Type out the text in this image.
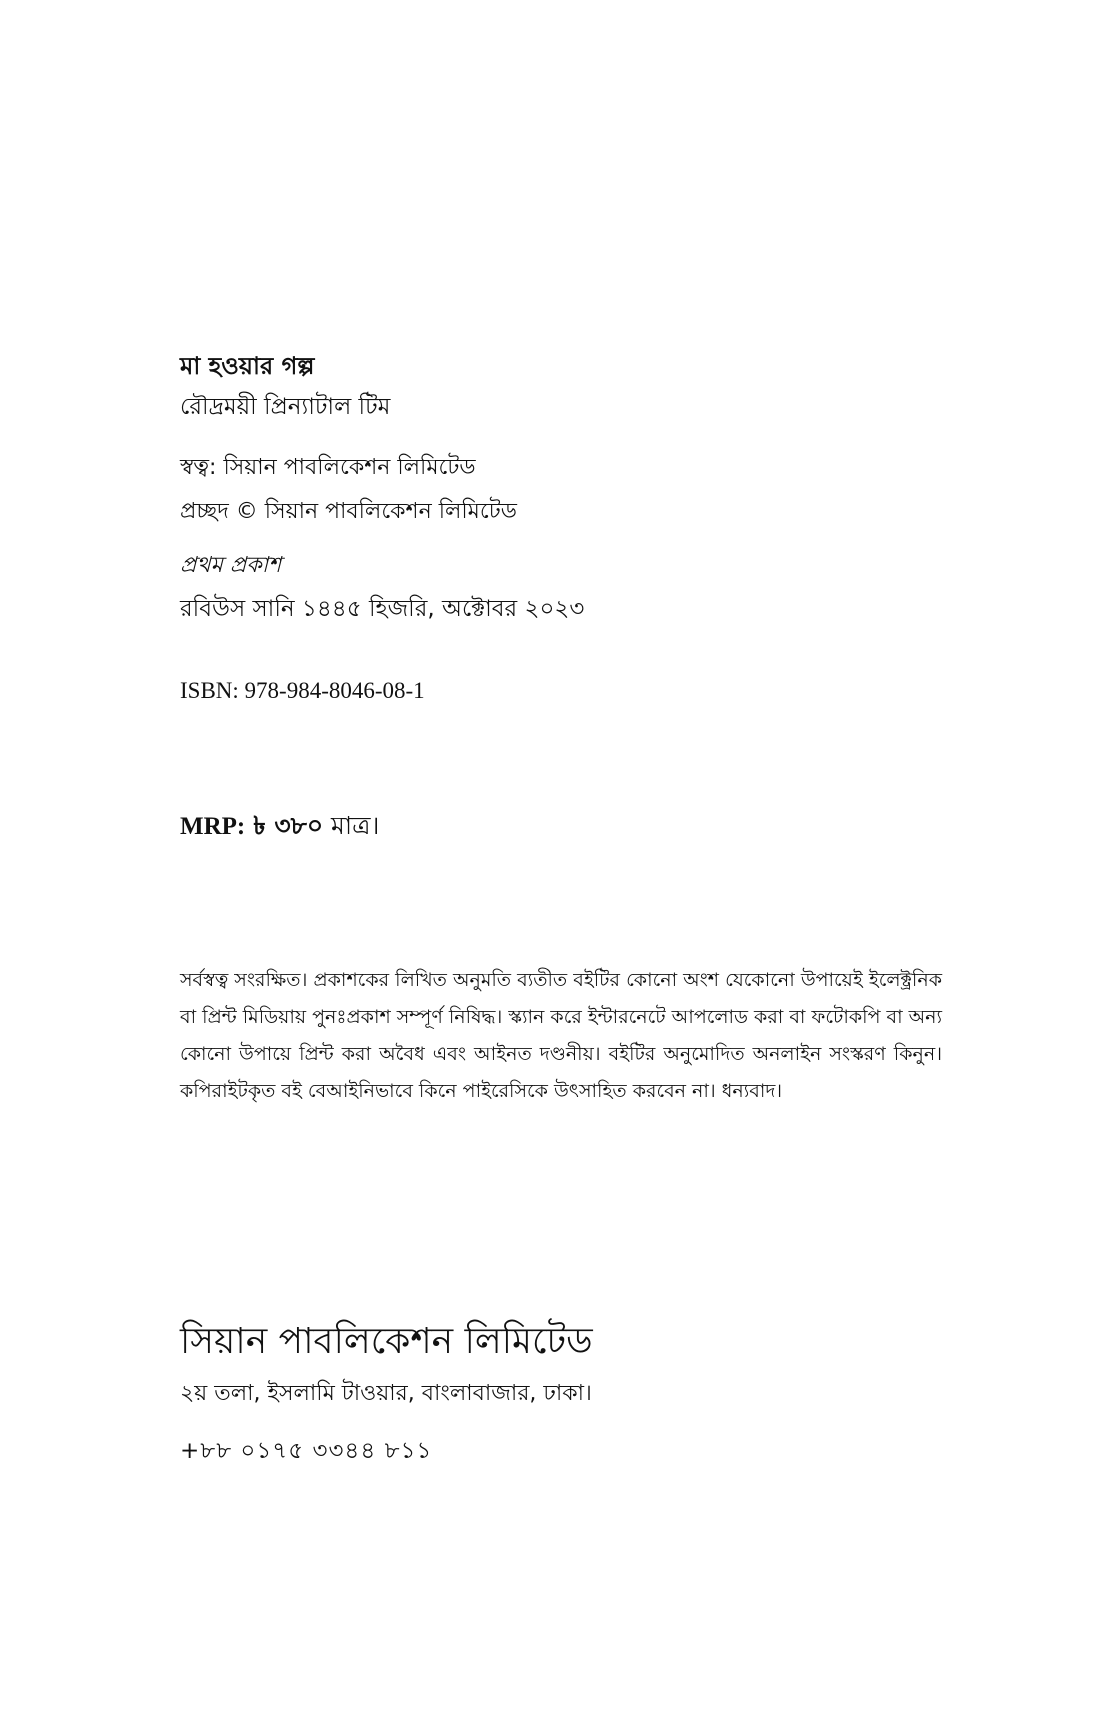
মা হওয়ার গল্প

রৌদ্রময়ী প্রিন্যাটাল টিম

স্বত্ব: সিয়ান পাবলিকেশন লিমিটেড

প্রচ্ছদ © সিয়ান পাবলিকেশন লিমিটেড

প্রথম প্রকাশ

রবিউস সানি ১৪৪৫ হিজরি, অক্টোবর ২০২৩

ISBN: 978-984-8046-08-1

MRP: ৳ ৩৮০ মাত্র।

সর্বস্বত্ব সংরক্ষিত। প্রকাশকের লিখিত অনুমতি ব্যতীত বইটির কোনো অংশ যেকোনো উপায়েই ইলেক্ট্রনিক বা প্রিন্ট মিডিয়ায় পুনঃপ্রকাশ সম্পূর্ণ নিষিদ্ধ। স্ক্যান করে ইন্টারনেটে আপলোড করা বা ফটোকপি বা অন্য কোনো উপায়ে প্রিন্ট করা অবৈধ এবং আইনত দণ্ডনীয়। বইটির অনুমোদিত অনলাইন সংস্করণ কিনুন। কপিরাইটকৃত বই বেআইনিভাবে কিনে পাইরেসিকে উৎসাহিত করবেন না। ধন্যবাদ।

সিয়ান পাবলিকেশন লিমিটেড

২য় তলা, ইসলামি টাওয়ার, বাংলাবাজার, ঢাকা।

+৮৮ ০১৭৫ ৩৩৪৪ ৮১১
